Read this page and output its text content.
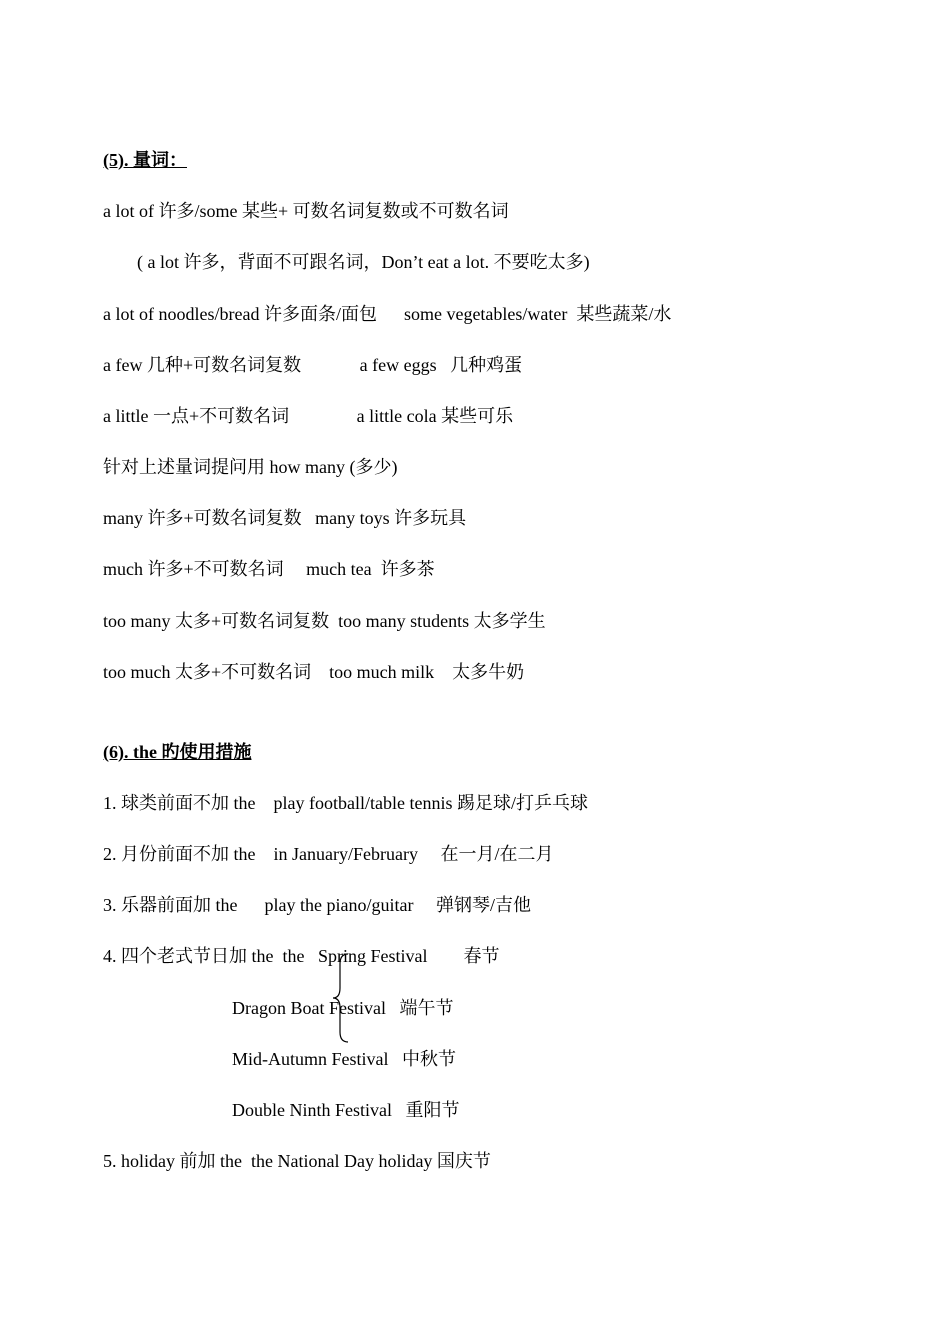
(5). 量词：
a lot of 许多/some 某些+ 可数名词复数或不可数名词
( a lot 许多，背面不可跟名词，Don’t eat a lot. 不要吃太多)
a lot of noodles/bread 许多面条/面包      some vegetables/water  某些蔬菜/水
a few 几种+可数名词复数             a few eggs   几种鸡蛋
a little 一点+不可数名词               a little cola 某些可乐
针对上述量词提问用 how many (多少)
many 许多+可数名词复数   many toys 许多玩具
much 许多+不可数名词     much tea  许多茶
too many 太多+可数名词复数  too many students 太多学生
too much 太多+不可数名词    too much milk    太多牛奶
(6). the 旳使用措施
1. 球类前面不加 the    play football/table tennis 踢足球/打乒乓球
2. 月份前面不加 the    in January/February     在一月/在二月
3. 乐器前面加 the      play the piano/guitar     弹钢琴/吉他
4. 四个老式节日加 the  the   Spring Festival        春节
Dragon Boat Festival   端午节
Mid-Autumn Festival   中秋节
Double Ninth Festival   重阳节
5. holiday 前加 the  the National Day holiday 国庆节
